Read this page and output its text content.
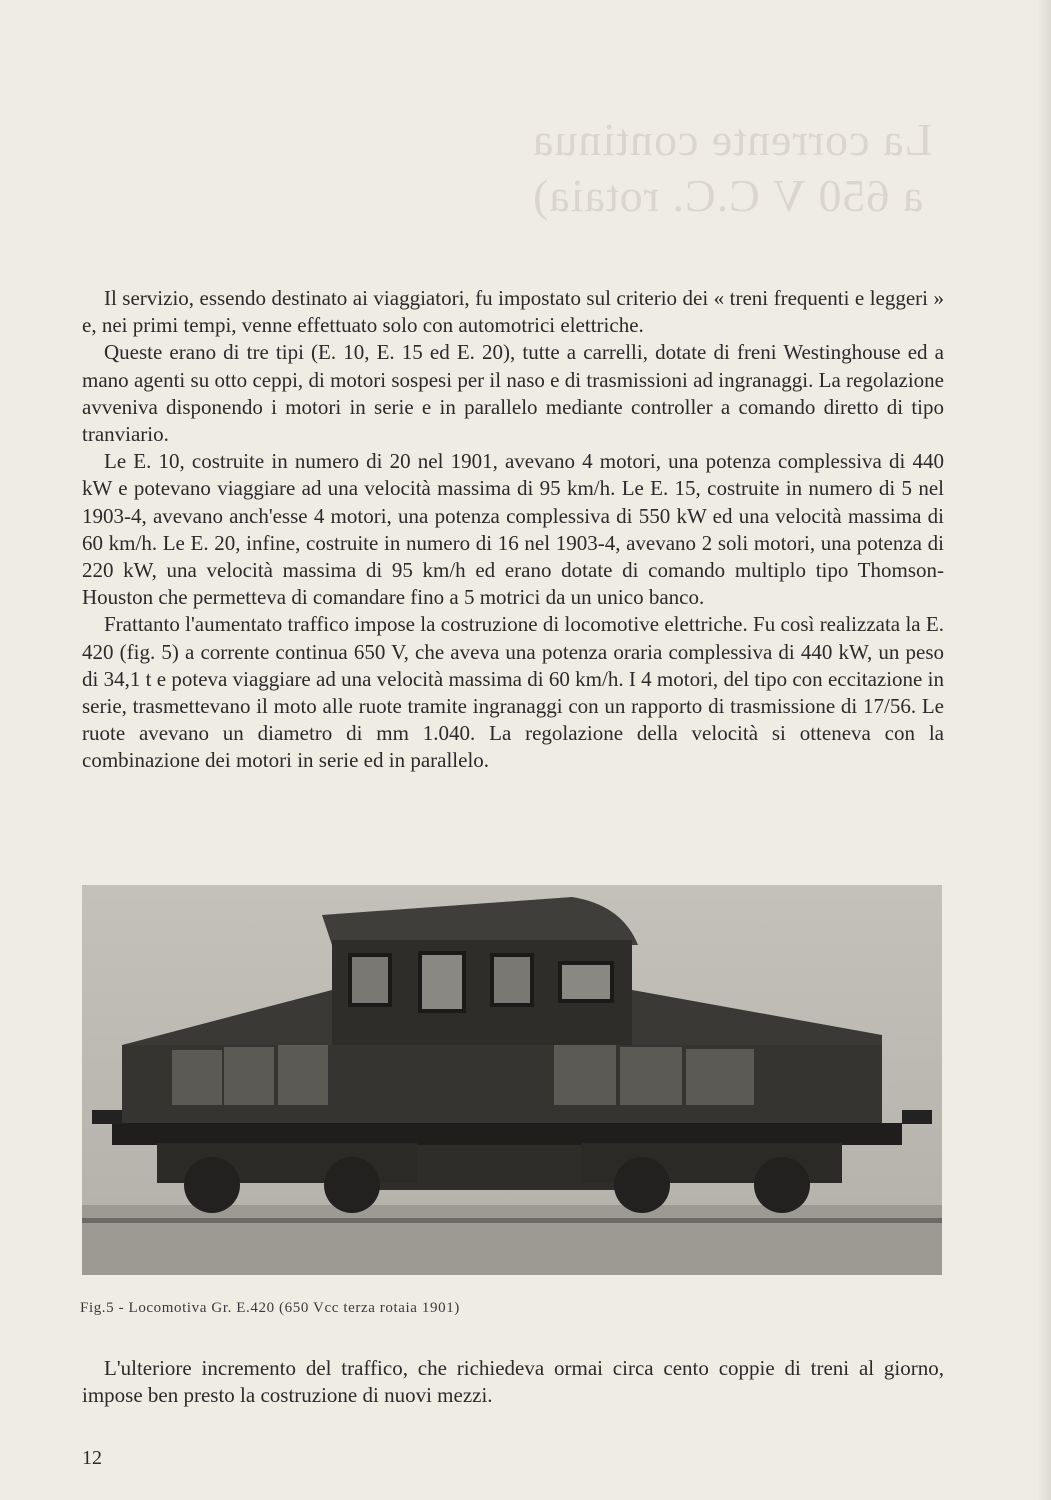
La corrente continua
a 650 V C.C. rotaia)

Il servizio, essendo destinato ai viaggiatori, fu impostato sul criterio dei « treni frequenti e leggeri » e, nei primi tempi, venne effettuato solo con automotrici elettriche.

Queste erano di tre tipi (E. 10, E. 15 ed E. 20), tutte a carrelli, dotate di freni Westinghouse ed a mano agenti su otto ceppi, di motori sospesi per il naso e di trasmissioni ad ingranaggi. La regolazione avveniva disponendo i motori in serie e in parallelo mediante controller a comando diretto di tipo tranviario.

Le E. 10, costruite in numero di 20 nel 1901, avevano 4 motori, una potenza complessiva di 440 kW e potevano viaggiare ad una velocità massima di 95 km/h. Le E. 15, costruite in numero di 5 nel 1903-4, avevano anch'esse 4 motori, una potenza complessiva di 550 kW ed una velocità massima di 60 km/h. Le E. 20, infine, costruite in numero di 16 nel 1903-4, avevano 2 soli motori, una potenza di 220 kW, una velocità massima di 95 km/h ed erano dotate di comando multiplo tipo Thomson-Houston che permetteva di comandare fino a 5 motrici da un unico banco.

Frattanto l'aumentato traffico impose la costruzione di locomotive elettriche. Fu così realizzata la E. 420 (fig. 5) a corrente continua 650 V, che aveva una potenza oraria complessiva di 440 kW, un peso di 34,1 t e poteva viaggiare ad una velocità massima di 60 km/h. I 4 motori, del tipo con eccitazione in serie, trasmettevano il moto alle ruote tramite ingranaggi con un rapporto di trasmissione di 17/56. Le ruote avevano un diametro di mm 1.040. La regolazione della velocità si otteneva con la combinazione dei motori in serie ed in parallelo.

Fig.5 - Locomotiva Gr. E.420 (650 Vcc terza rotaia 1901)

L'ulteriore incremento del traffico, che richiedeva ormai circa cento coppie di treni al giorno, impose ben presto la costruzione di nuovi mezzi.

12
